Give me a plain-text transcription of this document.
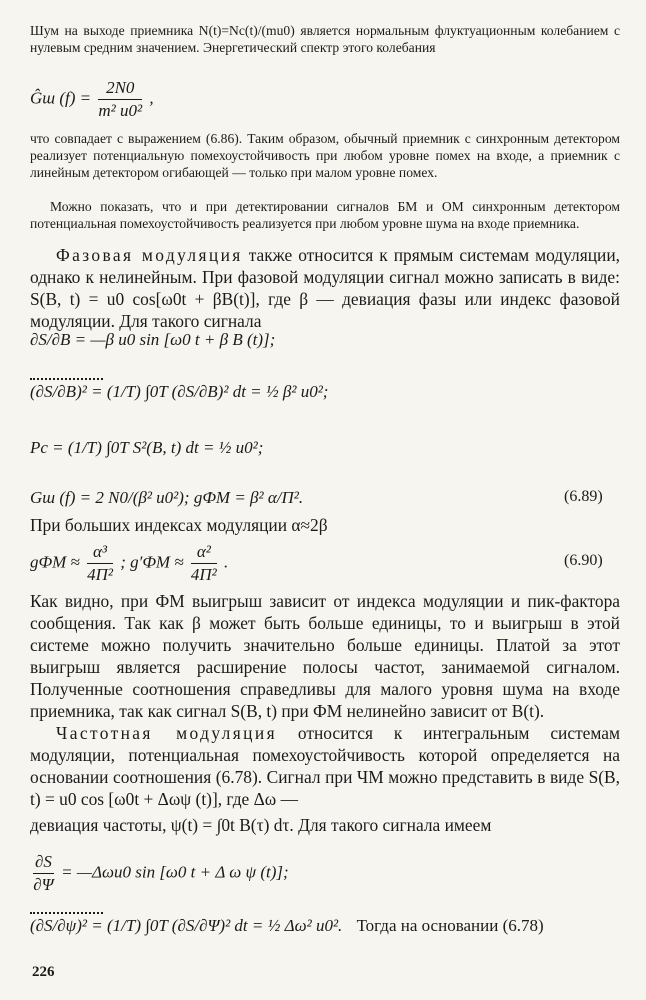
Шум на выходе приемника N(t)=Nc(t)/(mu0) является нормальным флуктуационным колебанием с нулевым средним значением. Энергетический спектр этого колебания
Ĝш $(f) = \frac{2N0}{\text{m² u0²}}$ ,
что совпадает с выражением (6.86). Таким образом, обычный приемник с синхронным детектором реализует потенциальную помехоустойчивость при любом уровне помех на входе, а приемник с линейным детектором огибающей — только при малом уровне помех.
Можно показать, что и при детектировании сигналов БМ и ОМ синхронным детектором потенциальная помехоустойчивость реализуется при любом уровне шума на входе приемника.
Фазовая модуляция также относится к прямым системам модуляции, однако к нелинейным. При фазовой модуляции сигнал можно записать в виде: S(B, t) = u0 cos[ω0t + βB(t)], где β — девиация фазы или индекс фазовой модуляции. Для такого сигнала
∂S/∂B = —β u0 sin [ω0 t + β B (t)];
(∂S/∂B)² = (1/T) ∫0T (∂S/∂B)² dt = ½ β² u0²;
Pc = (1/T) ∫0T S²(B, t) dt = ½ u0²;
Gш (f) = 2 N0/(β² u0²); gФМ = β² α/П².	(6.89)
При больших индексах модуляции α≈2β
gФМ ≈ $\frac{\text{α³}}{\text{4П²}}$ ; $g'ФМ \approx \frac{\text{α²}}{\text{4П²}}$ .	(6.90)
Как видно, при ФМ выигрыш зависит от индекса модуляции и пик-фактора сообщения. Так как β может быть больше единицы, то и выигрыш в этой системе можно получить значительно больше единицы. Платой за этот выигрыш является расширение полосы частот, занимаемой сигналом. Полученные соотношения справедливы для малого уровня шума на входе приемника, так как сигнал S(B, t) при ФМ нелинейно зависит от B(t).
Частотная модуляция относится к интегральным системам модуляции, потенциальная помехоустойчивость которой определяется на основании соотношения (6.78). Сигнал при ЧМ можно представить в виде S(B, t) = u0 cos [ω0t + Δωψ (t)], где Δω —
девиация частоты, ψ(t) = ∫0t B(τ) dτ. Для такого сигнала имеем
$\frac{\partial S}{\partial\Psi}$ = —Δωu0 sin [ω0 t + Δ ω ψ (t)];
(∂S/∂ψ)² = (1/T) ∫0T (∂S/∂Ψ)² dt = ½ Δω² u0². Тогда на основании (6.78)
226
